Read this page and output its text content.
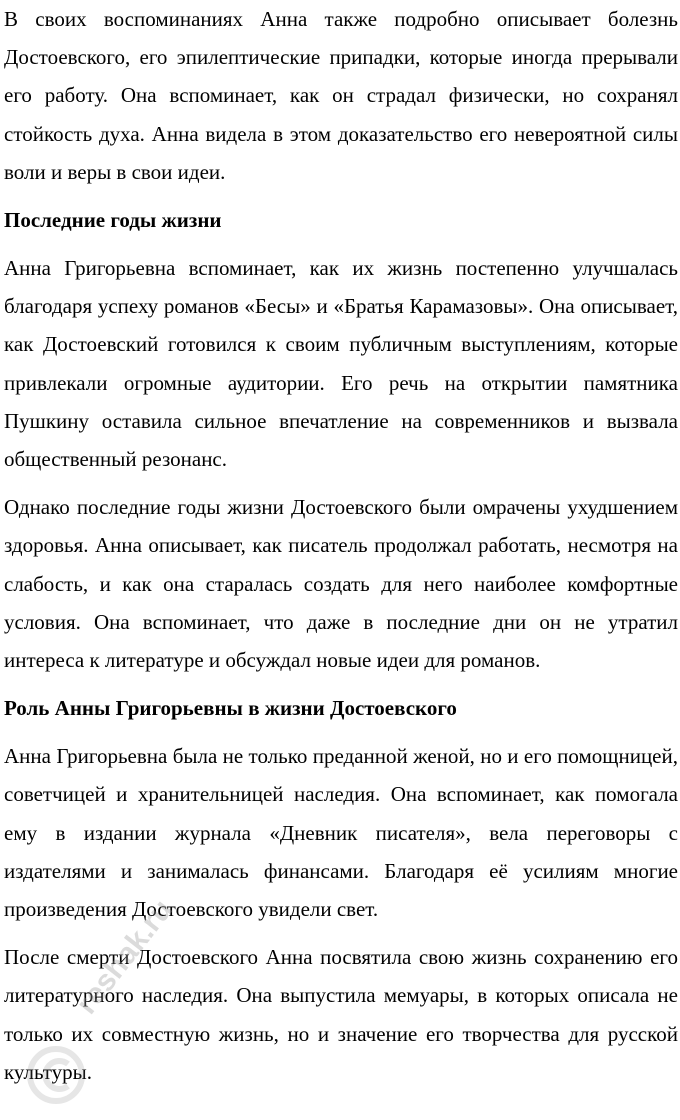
В своих воспоминаниях Анна также подробно описывает болезнь Достоевского, его эпилептические припадки, которые иногда прерывали его работу. Она вспоминает, как он страдал физически, но сохранял стойкость духа. Анна видела в этом доказательство его невероятной силы воли и веры в свои идеи.

Последние годы жизни

Анна Григорьевна вспоминает, как их жизнь постепенно улучшалась благодаря успеху романов «Бесы» и «Братья Карамазовы». Она описывает, как Достоевский готовился к своим публичным выступлениям, которые привлекали огромные аудитории. Его речь на открытии памятника Пушкину оставила сильное впечатление на современников и вызвала общественный резонанс.

Однако последние годы жизни Достоевского были омрачены ухудшением здоровья. Анна описывает, как писатель продолжал работать, несмотря на слабость, и как она старалась создать для него наиболее комфортные условия. Она вспоминает, что даже в последние дни он не утратил интереса к литературе и обсуждал новые идеи для романов.

Роль Анны Григорьевны в жизни Достоевского

Анна Григорьевна была не только преданной женой, но и его помощницей, советчицей и хранительницей наследия. Она вспоминает, как помогала ему в издании журнала «Дневник писателя», вела переговоры с издателями и занималась финансами. Благодаря её усилиям многие произведения Достоевского увидели свет.

После смерти Достоевского Анна посвятила свою жизнь сохранению его литературного наследия. Она выпустила мемуары, в которых описала не только их совместную жизнь, но и значение его творчества для русской культуры.

reshak.ru
